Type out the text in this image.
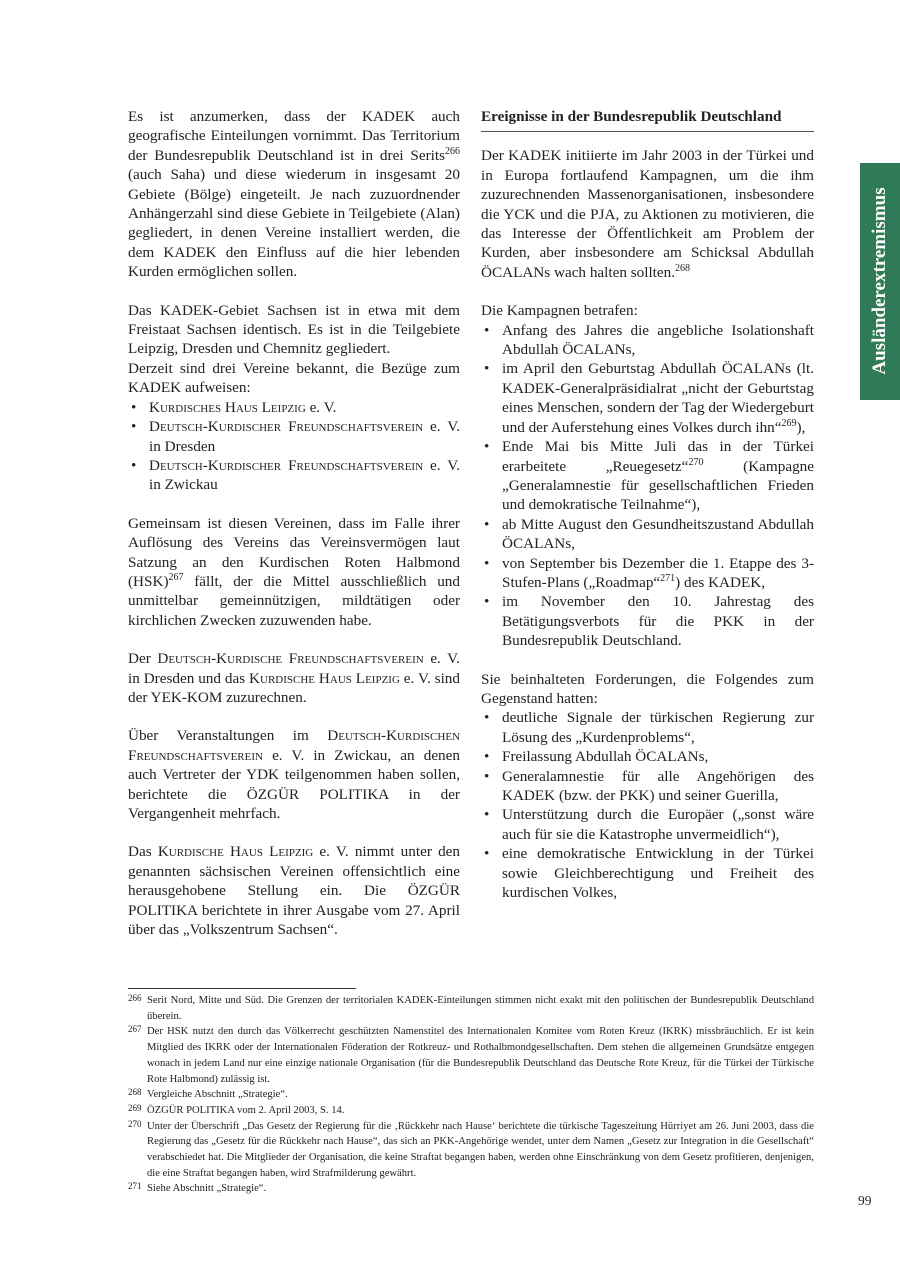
Es ist anzumerken, dass der KADEK auch geografische Einteilungen vornimmt. Das Territorium der Bundesrepublik Deutschland ist in drei Serits$^{266}$ (auch Saha) und diese wiederum in insgesamt 20 Gebiete (Bölge) eingeteilt. Je nach zuzuordnender Anhängerzahl sind diese Gebiete in Teilgebiete (Alan) gegliedert, in denen Vereine installiert werden, die dem KADEK den Einfluss auf die hier lebenden Kurden ermöglichen sollen.

Das KADEK-Gebiet Sachsen ist in etwa mit dem Freistaat Sachsen identisch. Es ist in die Teilgebiete Leipzig, Dresden und Chemnitz gegliedert.

Derzeit sind drei Vereine bekannt, die Bezüge zum KADEK aufweisen:

• Kurdisches Haus Leipzig e. V.
• Deutsch-Kurdischer Freundschaftsverein e. V. in Dresden
• Deutsch-Kurdischer Freundschaftsverein e. V. in Zwickau

Gemeinsam ist diesen Vereinen, dass im Falle ihrer Auflösung des Vereins das Vereinsvermögen laut Satzung an den Kurdischen Roten Halbmond (HSK)$^{267}$ fällt, der die Mittel ausschließlich und unmittelbar gemeinnützigen, mildtätigen oder kirchlichen Zwecken zuzuwenden habe.

Der Deutsch-Kurdische Freundschaftsverein e. V. in Dresden und das Kurdische Haus Leipzig e. V. sind der YEK-KOM zuzurechnen.

Über Veranstaltungen im Deutsch-Kurdischen Freundschaftsverein e. V. in Zwickau, an denen auch Vertreter der YDK teilgenommen haben sollen, berichtete die ÖZGÜR POLITIKA in der Vergangenheit mehrfach.

Das Kurdische Haus Leipzig e. V. nimmt unter den genannten sächsischen Vereinen offensichtlich eine herausgehobene Stellung ein. Die ÖZGÜR POLITIKA berichtete in ihrer Ausgabe vom 27. April über das „Volkszentrum Sachsen“.

Ereignisse in der Bundesrepublik Deutschland

Der KADEK initiierte im Jahr 2003 in der Türkei und in Europa fortlaufend Kampagnen, um die ihm zuzurechnenden Massenorganisationen, insbesondere die YCK und die PJA, zu Aktionen zu motivieren, die das Interesse der Öffentlichkeit am Problem der Kurden, aber insbesondere am Schicksal Abdullah ÖCALANs wach halten sollten.$^{268}$

Die Kampagnen betrafen:

• Anfang des Jahres die angebliche Isolationshaft Abdullah ÖCALANs,
• im April den Geburtstag Abdullah ÖCALANs (lt. KADEK-Generalpräsidialrat „nicht der Geburtstag eines Menschen, sondern der Tag der Wiedergeburt und der Auferstehung eines Volkes durch ihn“$^{269}$),
• Ende Mai bis Mitte Juli das in der Türkei erarbeitete „Reuegesetz“$^{270}$ (Kampagne „Generalamnestie für gesellschaftlichen Frieden und demokratische Teilnahme“),
• ab Mitte August den Gesundheitszustand Abdullah ÖCALANs,
• von September bis Dezember die 1. Etappe des 3-Stufen-Plans („Roadmap“$^{271}$) des KADEK,
• im November den 10. Jahrestag des Betätigungsverbots für die PKK in der Bundesrepublik Deutschland.

Sie beinhalteten Forderungen, die Folgendes zum Gegenstand hatten:

• deutliche Signale der türkischen Regierung zur Lösung des „Kurdenproblems“,
• Freilassung Abdullah ÖCALANs,
• Generalamnestie für alle Angehörigen des KADEK (bzw. der PKK) und seiner Guerilla,
• Unterstützung durch die Europäer („sonst wäre auch für sie die Katastrophe unvermeidlich“),
• eine demokratische Entwicklung in der Türkei sowie Gleichberechtigung und Freiheit des kurdischen Volkes,
Ausländerextremismus
266 Serit Nord, Mitte und Süd. Die Grenzen der territorialen KADEK-Einteilungen stimmen nicht exakt mit den politischen der Bundesrepublik Deutschland überein.
267 Der HSK nutzt den durch das Völkerrecht geschützten Namenstitel des Internationalen Komitee vom Roten Kreuz (IKRK) missbräuchlich. Er ist kein Mitglied des IKRK oder der Internationalen Föderation der Rotkreuz- und Rothalbmondgesellschaften. Dem stehen die allgemeinen Grundsätze entgegen wonach in jedem Land nur eine einzige nationale Organisation (für die Bundesrepublik Deutschland das Deutsche Rote Kreuz, für die Türkei der Türkische Rote Halbmond) zulässig ist.
268 Vergleiche Abschnitt „Strategie“.
269 ÖZGÜR POLITIKA vom 2. April 2003, S. 14.
270 Unter der Überschrift „Das Gesetz der Regierung für die ‚Rückkehr nach Hause‘ berichtete die türkische Tageszeitung Hürriyet am 26. Juni 2003, dass die Regierung das „Gesetz für die Rückkehr nach Hause“, das sich an PKK-Angehörige wendet, unter dem Namen „Gesetz zur Integration in die Gesellschaft“ verabschiedet hat. Die Mitglieder der Organisation, die keine Straftat begangen haben, werden ohne Einschränkung von dem Gesetz profitieren, denjenigen, die eine Straftat begangen haben, wird Strafmilderung gewährt.
271 Siehe Abschnitt „Strategie“.
99
